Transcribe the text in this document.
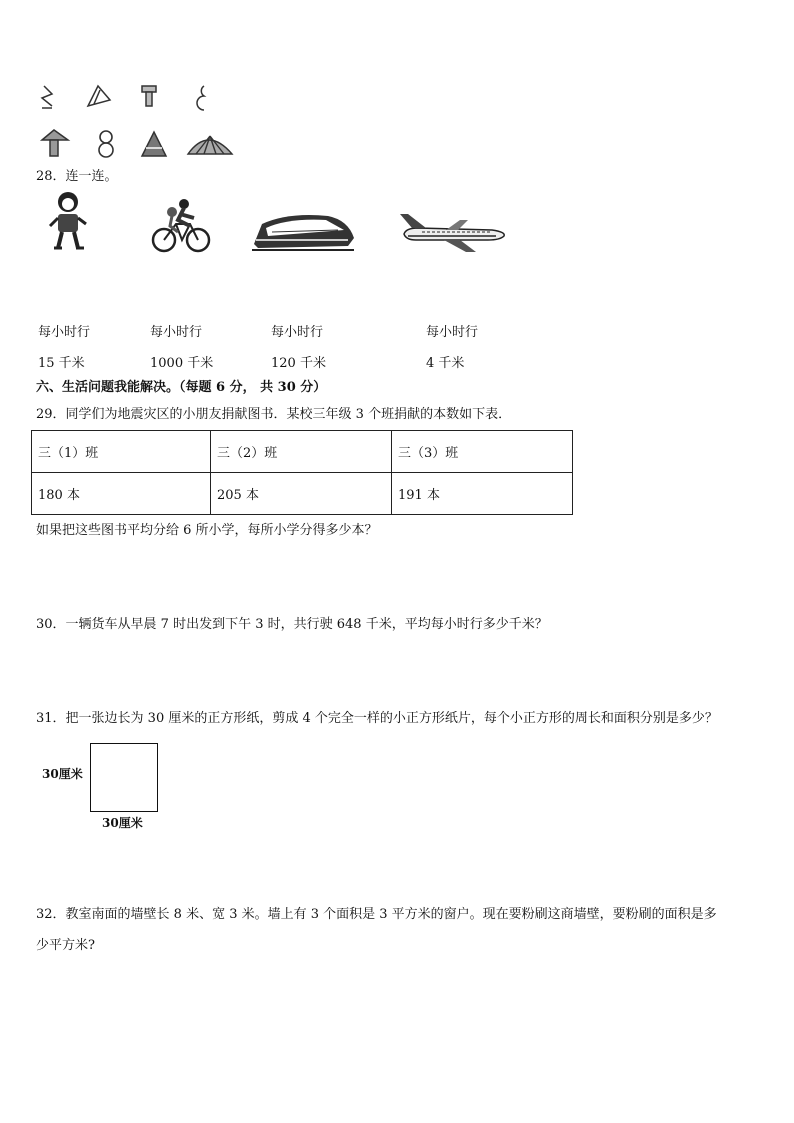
28．连一连。
每小时行
15 千米
每小时行
1000 千米
每小时行
120 千米
每小时行
4 千米
六、生活问题我能解决。（每题 6 分， 共 30 分）
29．同学们为地震灾区的小朋友捐献图书．某校三年级 3 个班捐献的本数如下表．
三（1）班	三（2）班	三（3）班
180 本	205 本	191 本
如果把这些图书平均分给 6 所小学，每所小学分得多少本？
30．一辆货车从早晨 7 时出发到下午 3 时，共行驶 648 千米，平均每小时行多少千米？
31．把一张边长为 30 厘米的正方形纸，剪成 4 个完全一样的小正方形纸片，每个小正方形的周长和面积分别是多少？
30厘米
30厘米
32．教室南面的墙壁长 8 米、宽 3 米。墙上有 3 个面积是 3 平方米的窗户。现在要粉刷这商墙壁，要粉刷的面积是多
少平方米?
